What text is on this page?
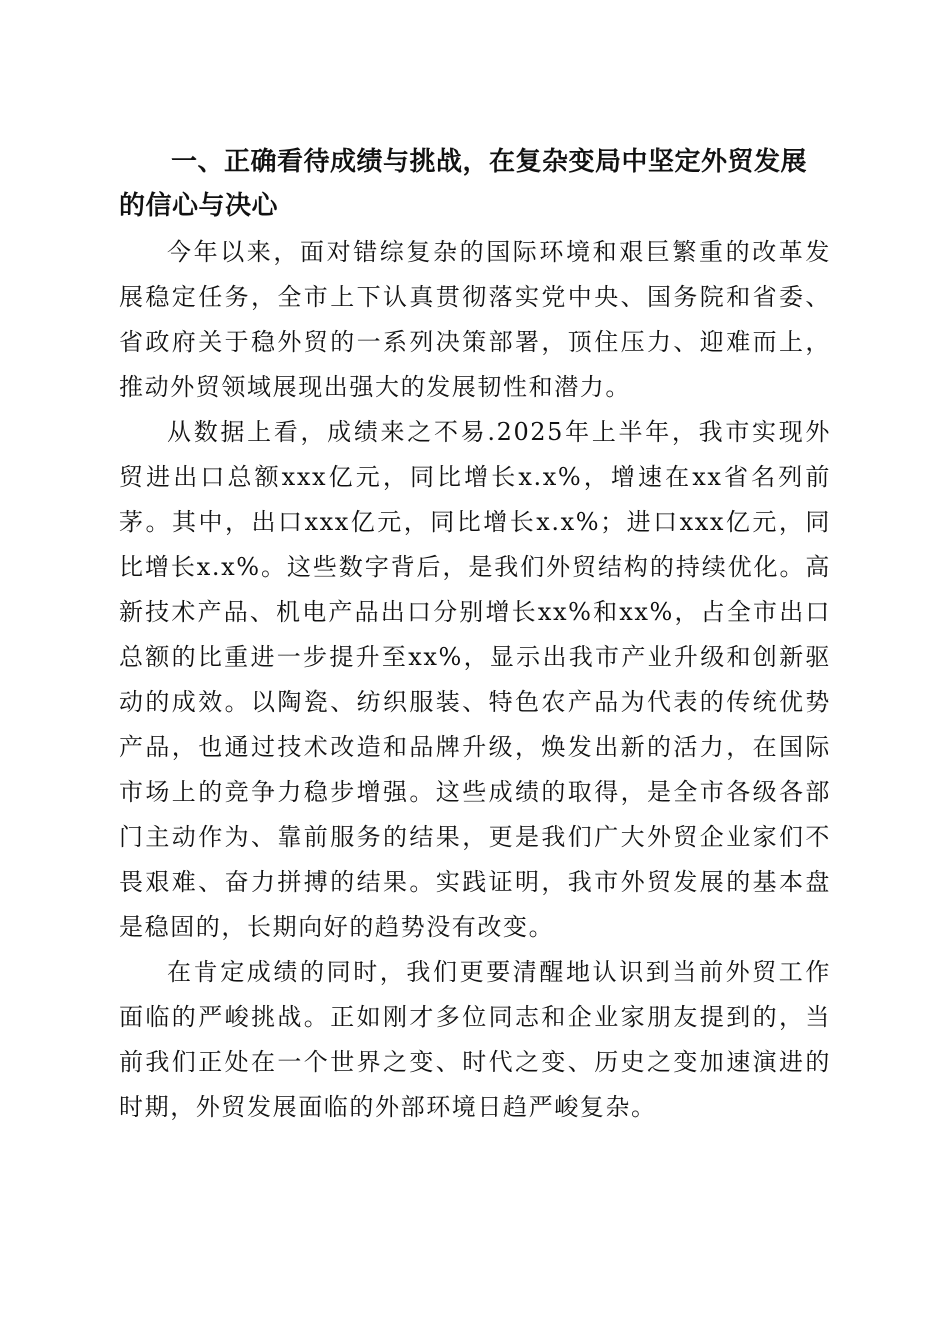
一、正确看待成绩与挑战，在复杂变局中坚定外贸发展的信心与决心

今年以来，面对错综复杂的国际环境和艰巨繁重的改革发展稳定任务，全市上下认真贯彻落实党中央、国务院和省委、省政府关于稳外贸的一系列决策部署，顶住压力、迎难而上，推动外贸领域展现出强大的发展韧性和潜力。

从数据上看，成绩来之不易.2025年上半年，我市实现外贸进出口总额xxx亿元，同比增长x.x%，增速在xx省名列前茅。其中，出口xxx亿元，同比增长x.x%；进口xxx亿元，同比增长x.x%。这些数字背后，是我们外贸结构的持续优化。高新技术产品、机电产品出口分别增长xx%和xx%，占全市出口总额的比重进一步提升至xx%，显示出我市产业升级和创新驱动的成效。以陶瓷、纺织服装、特色农产品为代表的传统优势产品，也通过技术改造和品牌升级，焕发出新的活力，在国际市场上的竞争力稳步增强。这些成绩的取得，是全市各级各部门主动作为、靠前服务的结果，更是我们广大外贸企业家们不畏艰难、奋力拼搏的结果。实践证明，我市外贸发展的基本盘是稳固的，长期向好的趋势没有改变。

在肯定成绩的同时，我们更要清醒地认识到当前外贸工作面临的严峻挑战。正如刚才多位同志和企业家朋友提到的，当前我们正处在一个世界之变、时代之变、历史之变加速演进的时期，外贸发展面临的外部环境日趋严峻复杂。
